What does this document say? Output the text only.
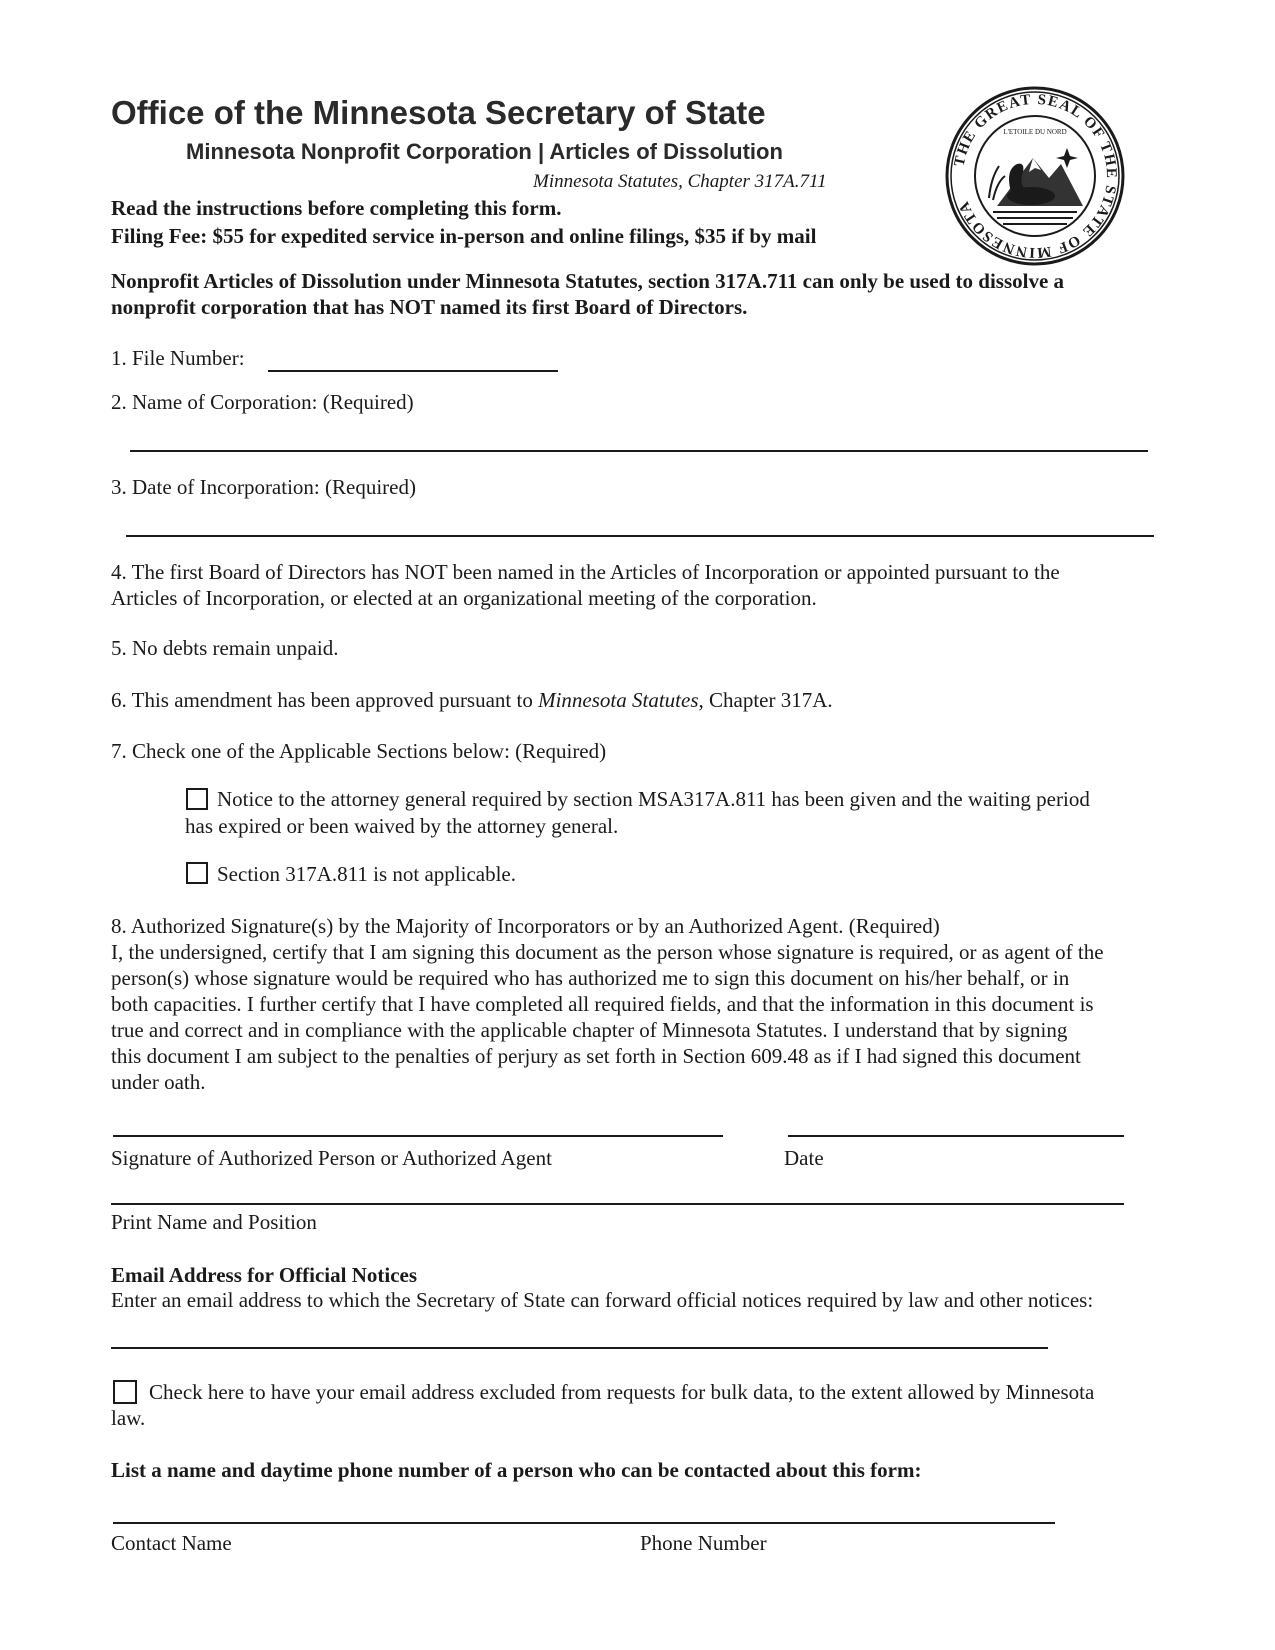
Office of the Minnesota Secretary of State
Minnesota Nonprofit Corporation | Articles of Dissolution
Minnesota Statutes, Chapter 317A.711
Read the instructions before completing this form.
Filing Fee: $55 for expedited service in-person and online filings, $35 if by mail
THE GREAT SEAL OF THE STATE OF MINNESOTA
L'ETOILE DU NORD
Nonprofit Articles of Dissolution under Minnesota Statutes, section 317A.711 can only be used to dissolve a
nonprofit corporation that has NOT named its first Board of Directors.
1. File Number:
2. Name of Corporation: (Required)
3. Date of Incorporation: (Required)
4. The first Board of Directors has NOT been named in the Articles of Incorporation or appointed pursuant to the
Articles of Incorporation, or elected at an organizational meeting of the corporation.
5. No debts remain unpaid.
6. This amendment has been approved pursuant to Minnesota Statutes, Chapter 317A.
7. Check one of the Applicable Sections below: (Required)
Notice to the attorney general required by section MSA317A.811 has been given and the waiting period
has expired or been waived by the attorney general.
Section 317A.811 is not applicable.
8. Authorized Signature(s) by the Majority of Incorporators or by an Authorized Agent. (Required)
I, the undersigned, certify that I am signing this document as the person whose signature is required, or as agent of the
person(s) whose signature would be required who has authorized me to sign this document on his/her behalf, or in
both capacities. I further certify that I have completed all required fields, and that the information in this document is
true and correct and in compliance with the applicable chapter of Minnesota Statutes. I understand that by signing
this document I am subject to the penalties of perjury as set forth in Section 609.48 as if I had signed this document
under oath.
Signature of Authorized Person or Authorized Agent	Date
Print Name and Position
Email Address for Official Notices
Enter an email address to which the Secretary of State can forward official notices required by law and other notices:
Check here to have your email address excluded from requests for bulk data, to the extent allowed by Minnesota
law.
List a name and daytime phone number of a person who can be contacted about this form:
Contact Name	Phone Number
